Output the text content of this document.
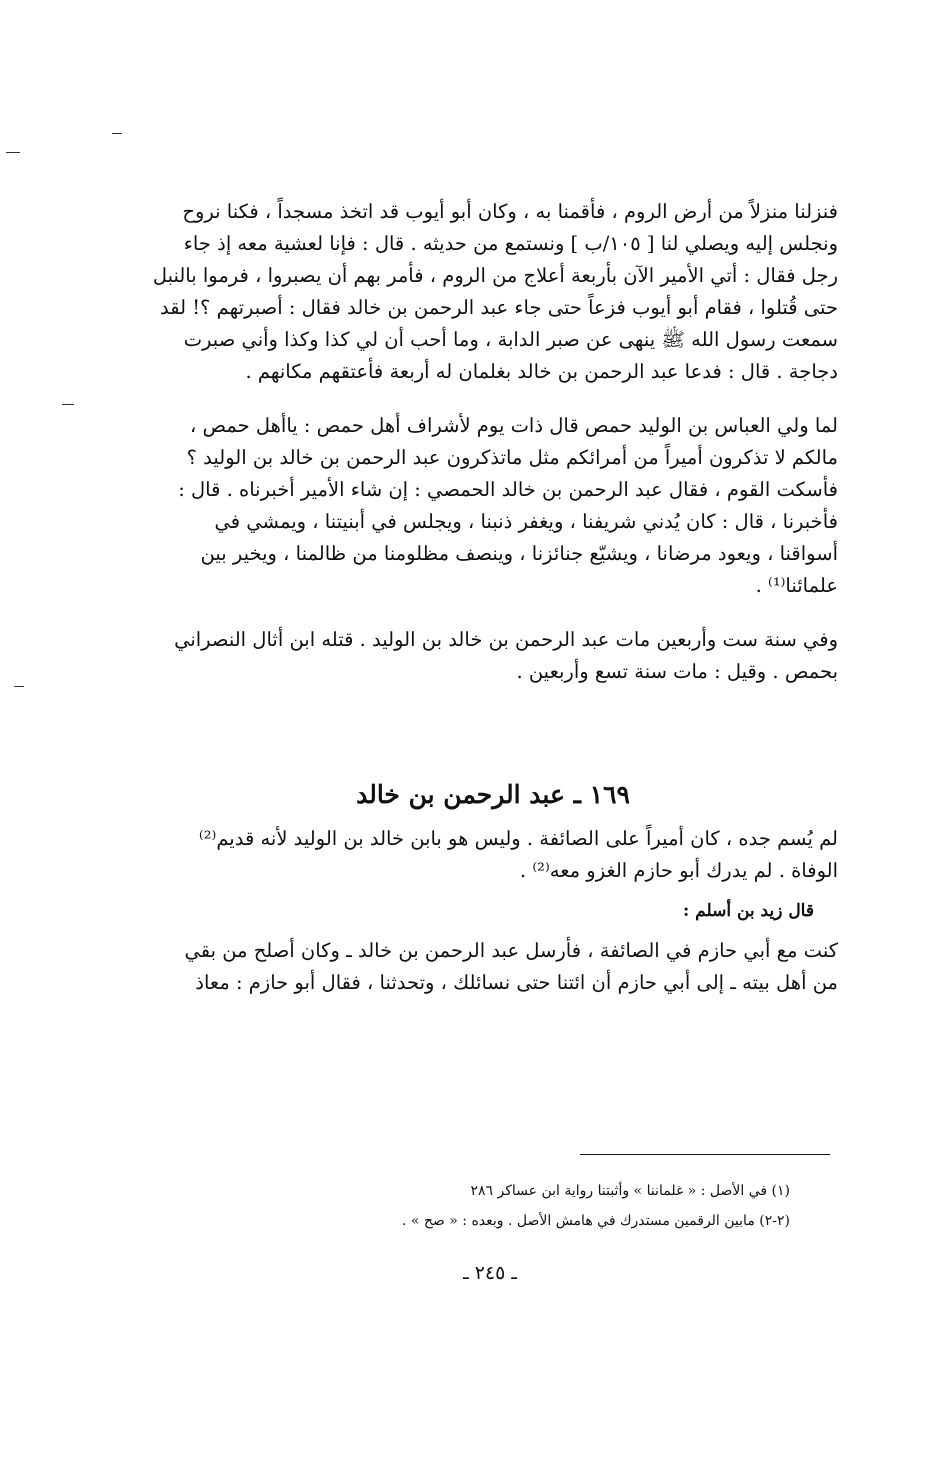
فنزلنا منزلاً من أرض الروم ، فأقمنا به ، وكان أبو أيوب قد اتخذ مسجداً ، فكنا نروح

ونجلس إليه ويصلي لنا [ ١٠٥/ب ] ونستمع من حديثه . قال : فإنا لعشية معه إذ جاء

رجل فقال : أتي الأمير الآن بأربعة أعلاج من الروم ، فأمر بهم أن يصبروا ، فرموا بالنبل

حتى قُتلوا ، فقام أبو أيوب فزعاً حتى جاء عبد الرحمن بن خالد فقال : أصبرتهم ؟! لقد

سمعت رسول الله ﷺ ينهى عن صبر الدابة ، وما أحب أن لي كذا وكذا وأني صبرت

دجاجة . قال : فدعا عبد الرحمن بن خالد بغلمان له أربعة فأعتقهم مكانهم .

لما ولي العباس بن الوليد حمص قال ذات يوم لأشراف أهل حمص : ياأهل حمص ،

مالكم لا تذكرون أميراً من أمرائكم مثل ماتذكرون عبد الرحمن بن خالد بن الوليد ؟

فأسكت القوم ، فقال عبد الرحمن بن خالد الحمصي : إن شاء الأمير أخبرناه . قال :

فأخبرنا ، قال : كان يُدني شريفنا ، ويغفر ذنبنا ، ويجلس في أبنيتنا ، ويمشي في

أسواقنا ، ويعود مرضانا ، ويشيّع جنائزنا ، وينصف مظلومنا من ظالمنا ، ويخير بين

علمائنا⁽¹⁾ .

وفي سنة ست وأربعين مات عبد الرحمن بن خالد بن الوليد . قتله ابن أثال النصراني

بحمص . وقيل : مات سنة تسع وأربعين .

١٦٩ ـ عبد الرحمن بن خالد

لم يُسم جده ، كان أميراً على الصائفة . وليس هو بابن خالد بن الوليد لأنه قديم⁽²⁾

الوفاة . لم يدرك أبو حازم الغزو معه⁽²⁾ .

قال زيد بن أسلم :

كنت مع أبي حازم في الصائفة ، فأرسل عبد الرحمن بن خالد ـ وكان أصلح من بقي

من أهل بيته ـ إلى أبي حازم أن ائتنا حتى نسائلك ، وتحدثنا ، فقال أبو حازم : معاذ

(١) في الأصل : « غلماننا » وأثبتنا رواية ابن عساكر ٢٨٦
(٢-٢) مابين الرقمين مستدرك في هامش الأصل . وبعده : « صح » .
ـ ٢٤٥ ـ
